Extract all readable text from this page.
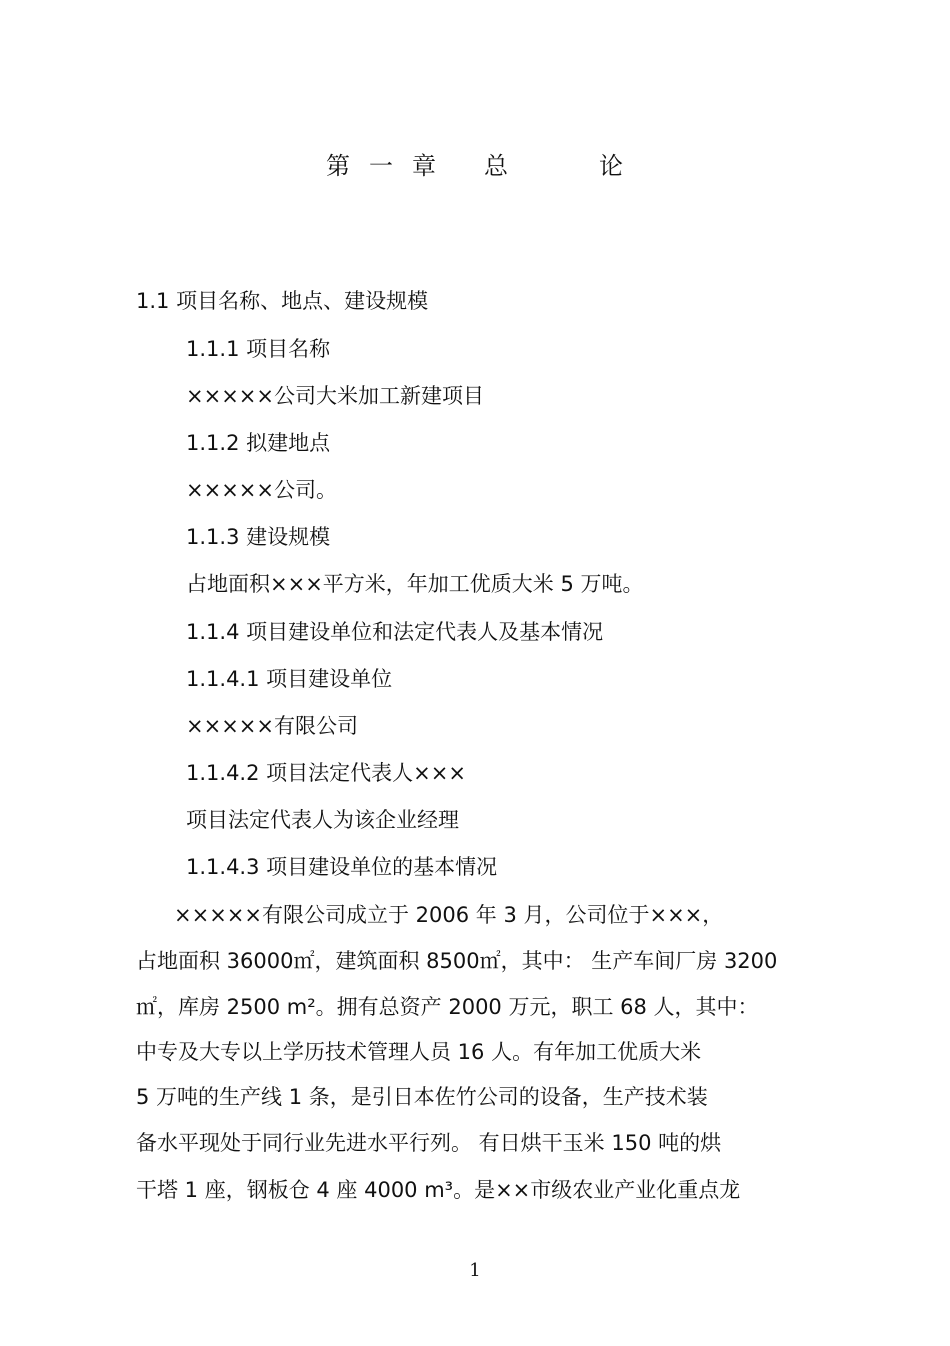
第 一 章 总	论
1.1 项目名称、地点、建设规模
1.1.1 项目名称
×××××公司大米加工新建项目
1.1.2 拟建地点
×××××公司。
1.1.3 建设规模
占地面积×××平方米，年加工优质大米 5 万吨。
1.1.4 项目建设单位和法定代表人及基本情况
1.1.4.1 项目建设单位
×××××有限公司
1.1.4.2 项目法定代表人×××
项目法定代表人为该企业经理
1.1.4.3 项目建设单位的基本情况
×××××有限公司成立于 2006 年 3 月，公司位于×××，
占地面积 36000㎡，建筑面积 8500㎡，其中： 生产车间厂房 3200
㎡，库房 2500 m²。拥有总资产 2000 万元，职工 68 人，其中：
中专及大专以上学历技术管理人员 16 人。有年加工优质大米
5 万吨的生产线 1 条，是引日本佐竹公司的设备，生产技术装
备水平现处于同行业先进水平行列。 有日烘干玉米 150 吨的烘
干塔 1 座，钢板仓 4 座 4000 m³。是××市级农业产业化重点龙
1
